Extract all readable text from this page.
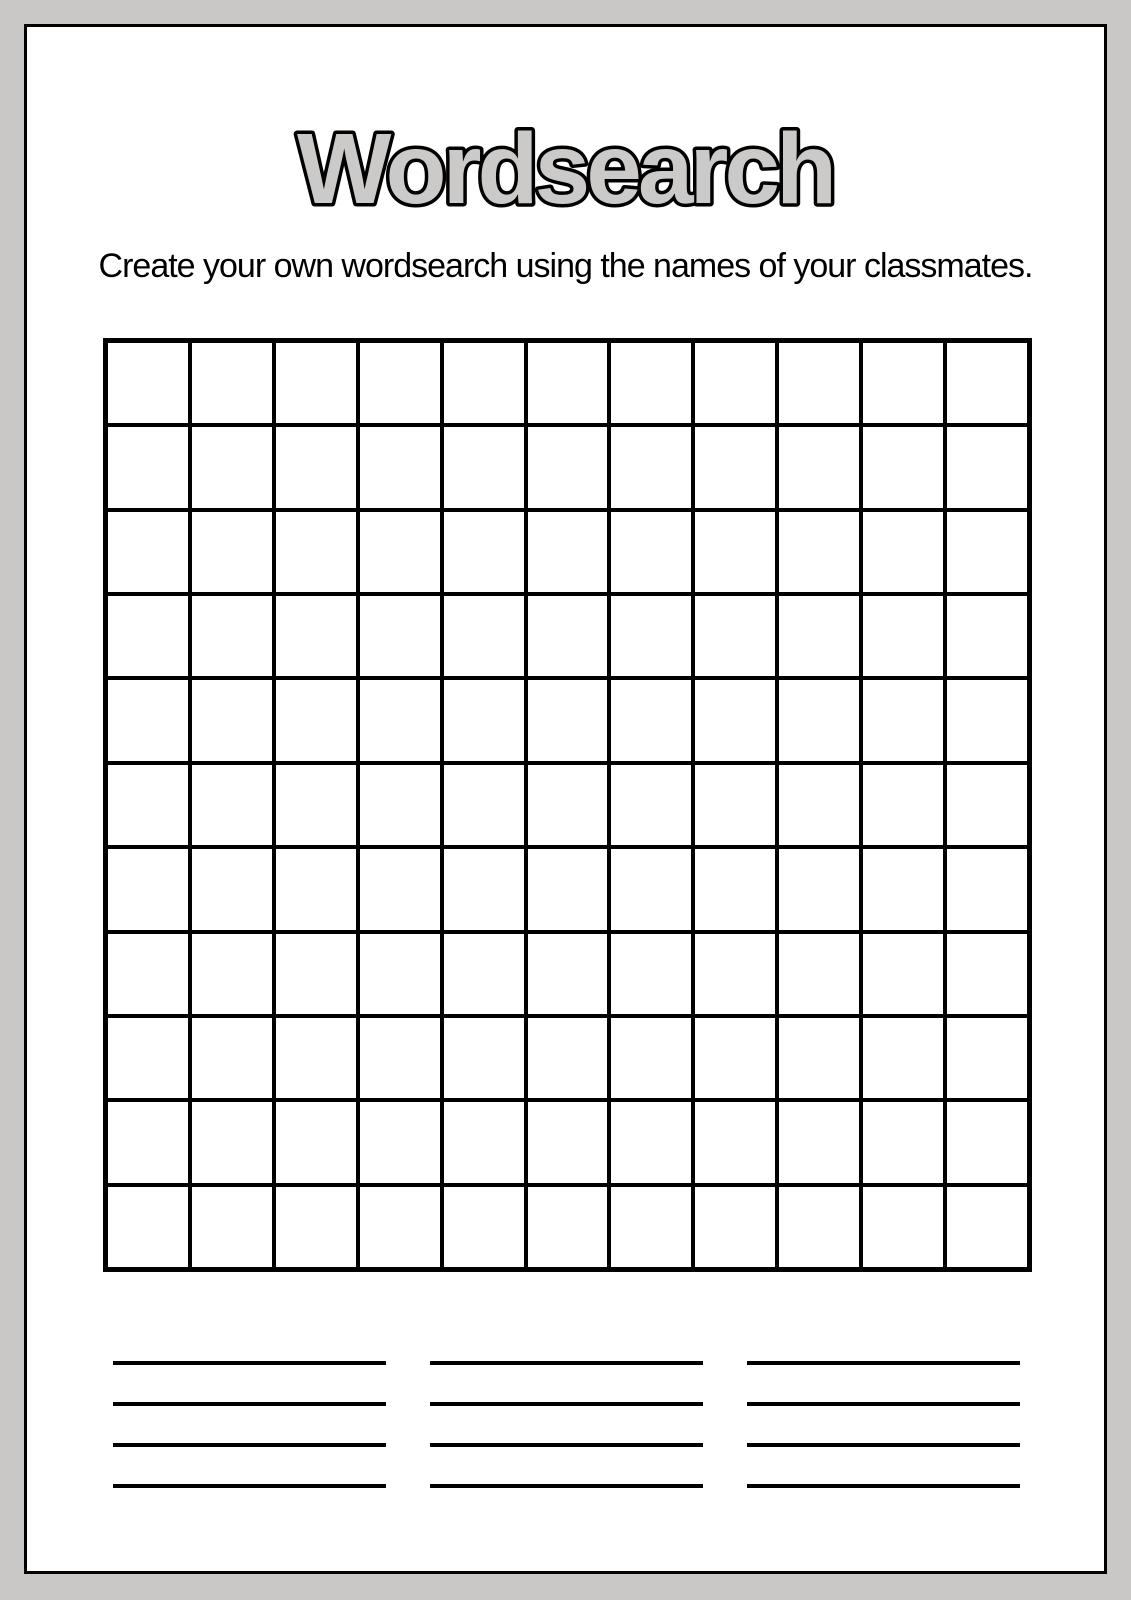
Wordsearch
Create your own wordsearch using the names of your classmates.
